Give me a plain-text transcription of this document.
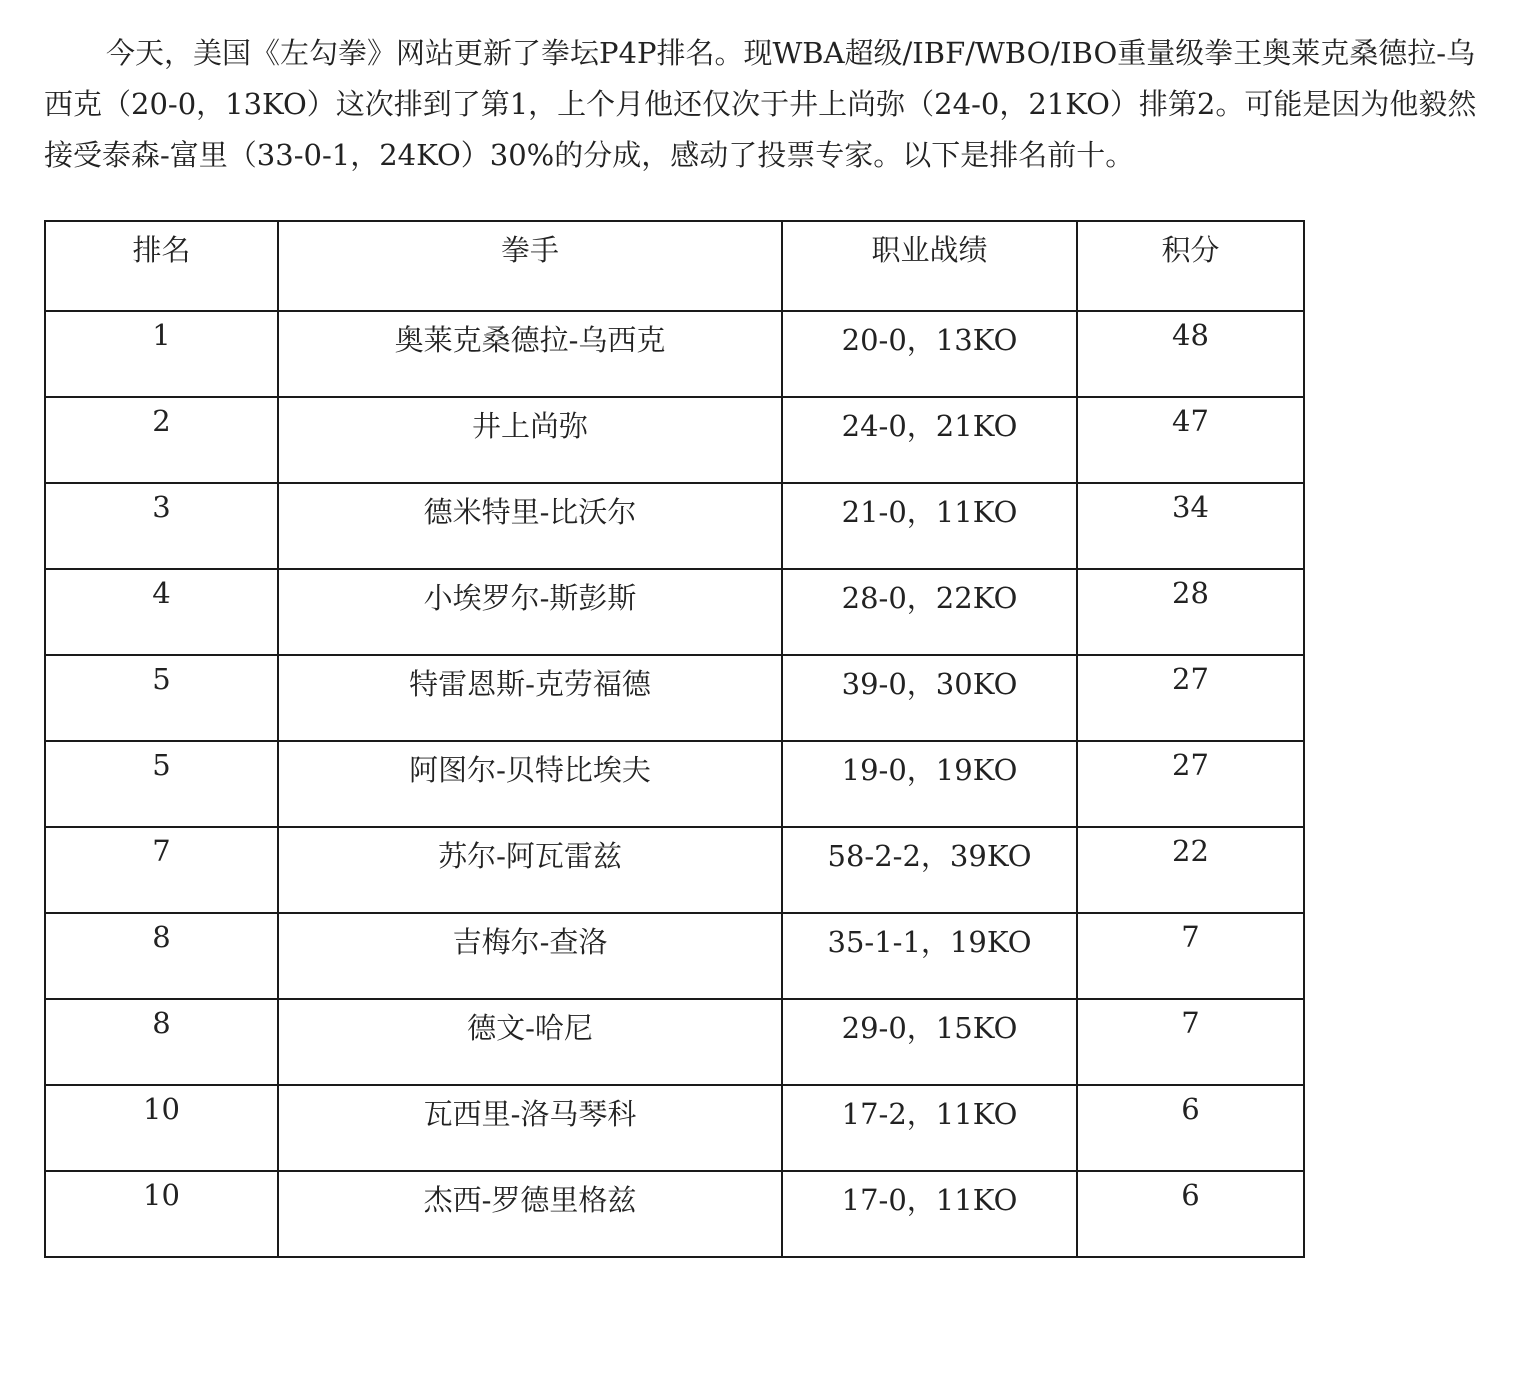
今天，美国《左勾拳》网站更新了拳坛P4P排名。现WBA超级/IBF/WBO/IBO重量级拳王奥莱克桑德拉-乌西克（20-0，13KO）这次排到了第1，上个月他还仅次于井上尚弥（24-0，21KO）排第2。可能是因为他毅然接受泰森-富里（33-0-1，24KO）30%的分成，感动了投票专家。以下是排名前十。

排名	拳手	职业战绩	积分
1	奥莱克桑德拉-乌西克	20-0，13KO	48
2	井上尚弥	24-0，21KO	47
3	德米特里-比沃尔	21-0，11KO	34
4	小埃罗尔-斯彭斯	28-0，22KO	28
5	特雷恩斯-克劳福德	39-0，30KO	27
5	阿图尔-贝特比埃夫	19-0，19KO	27
7	苏尔-阿瓦雷兹	58-2-2，39KO	22
8	吉梅尔-查洛	35-1-1，19KO	7
8	德文-哈尼	29-0，15KO	7
10	瓦西里-洛马琴科	17-2，11KO	6
10	杰西-罗德里格兹	17-0，11KO	6
